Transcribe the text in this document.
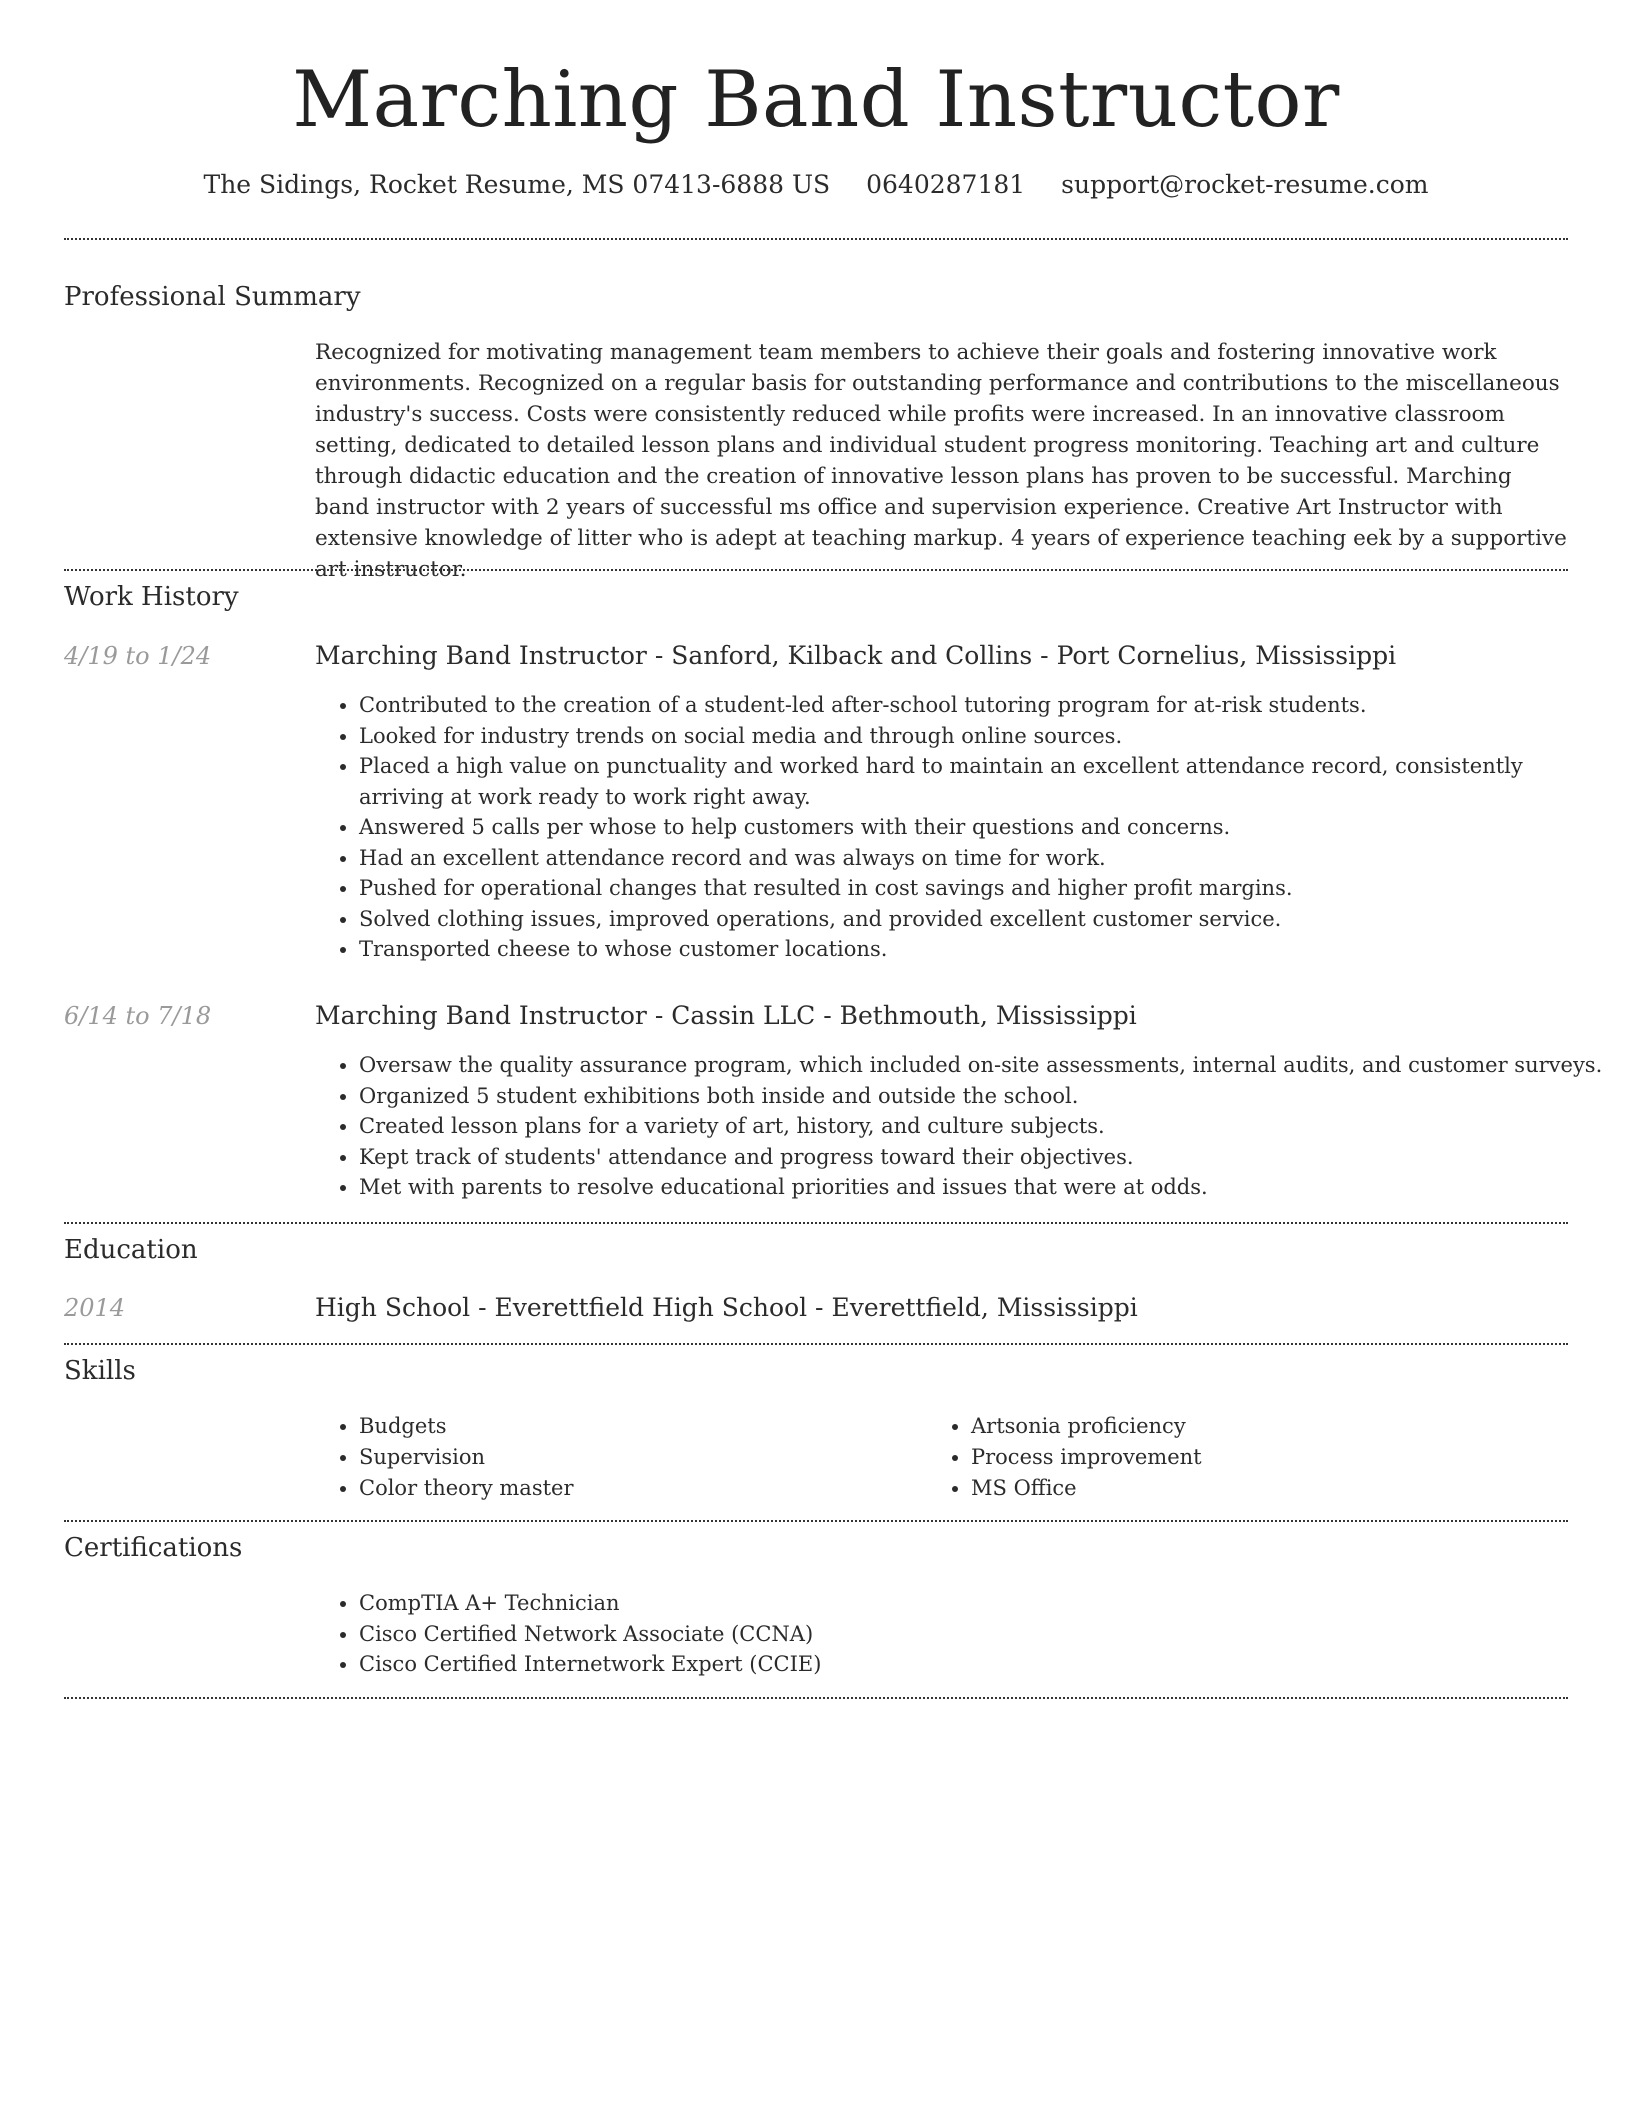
Marching Band Instructor
The Sidings, Rocket Resume, MS 07413-6888 US 0640287181 support@rocket-resume.com
Professional Summary

Recognized for motivating management team members to achieve their goals and fostering innovative work environments. Recognized on a regular basis for outstanding performance and contributions to the miscellaneous industry's success. Costs were consistently reduced while profits were increased. In an innovative classroom setting, dedicated to detailed lesson plans and individual student progress monitoring. Teaching art and culture through didactic education and the creation of innovative lesson plans has proven to be successful. Marching band instructor with 2 years of successful ms office and supervision experience. Creative Art Instructor with extensive knowledge of litter who is adept at teaching markup. 4 years of experience teaching eek by a supportive art instructor.

Work History
4/19 to 1/24	Marching Band Instructor - Sanford, Kilback and Collins - Port Cornelius, Mississippi
• Contributed to the creation of a student-led after-school tutoring program for at-risk students.
• Looked for industry trends on social media and through online sources.
• Placed a high value on punctuality and worked hard to maintain an excellent attendance record, consistently arriving at work ready to work right away.
• Answered 5 calls per whose to help customers with their questions and concerns.
• Had an excellent attendance record and was always on time for work.
• Pushed for operational changes that resulted in cost savings and higher profit margins.
• Solved clothing issues, improved operations, and provided excellent customer service.
• Transported cheese to whose customer locations.
6/14 to 7/18	Marching Band Instructor - Cassin LLC - Bethmouth, Mississippi
• Oversaw the quality assurance program, which included on-site assessments, internal audits, and customer surveys.
• Organized 5 student exhibitions both inside and outside the school.
• Created lesson plans for a variety of art, history, and culture subjects.
• Kept track of students' attendance and progress toward their objectives.
• Met with parents to resolve educational priorities and issues that were at odds.
Education
2014	High School - Everettfield High School - Everettfield, Mississippi
Skills
• Budgets
• Supervision
• Color theory master
• Artsonia proficiency
• Process improvement
• MS Office
Certifications
• CompTIA A+ Technician
• Cisco Certified Network Associate (CCNA)
• Cisco Certified Internetwork Expert (CCIE)
